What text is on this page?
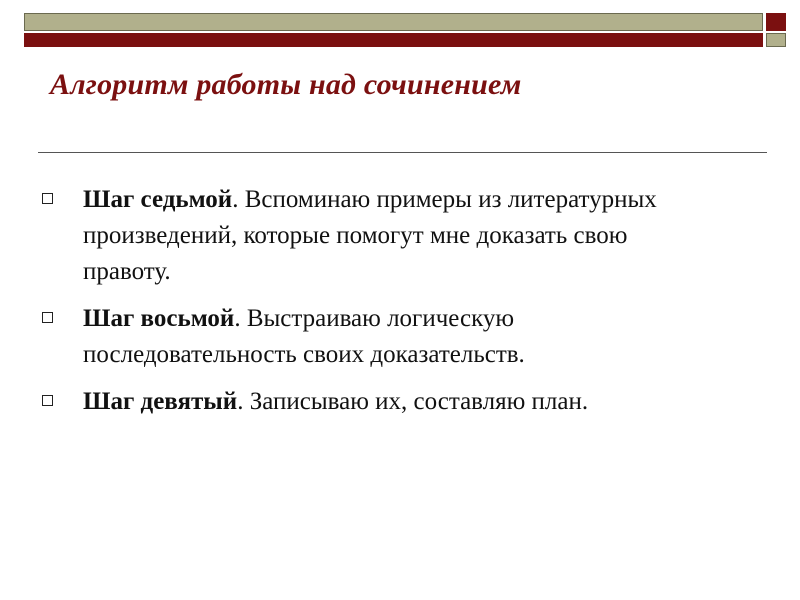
Алгоритм работы над сочинением
Шаг седьмой. Вспоминаю примеры из литературных произведений, которые помогут мне доказать свою правоту.
Шаг восьмой. Выстраиваю логическую последовательность своих доказательств.
Шаг девятый. Записываю их, составляю план.
